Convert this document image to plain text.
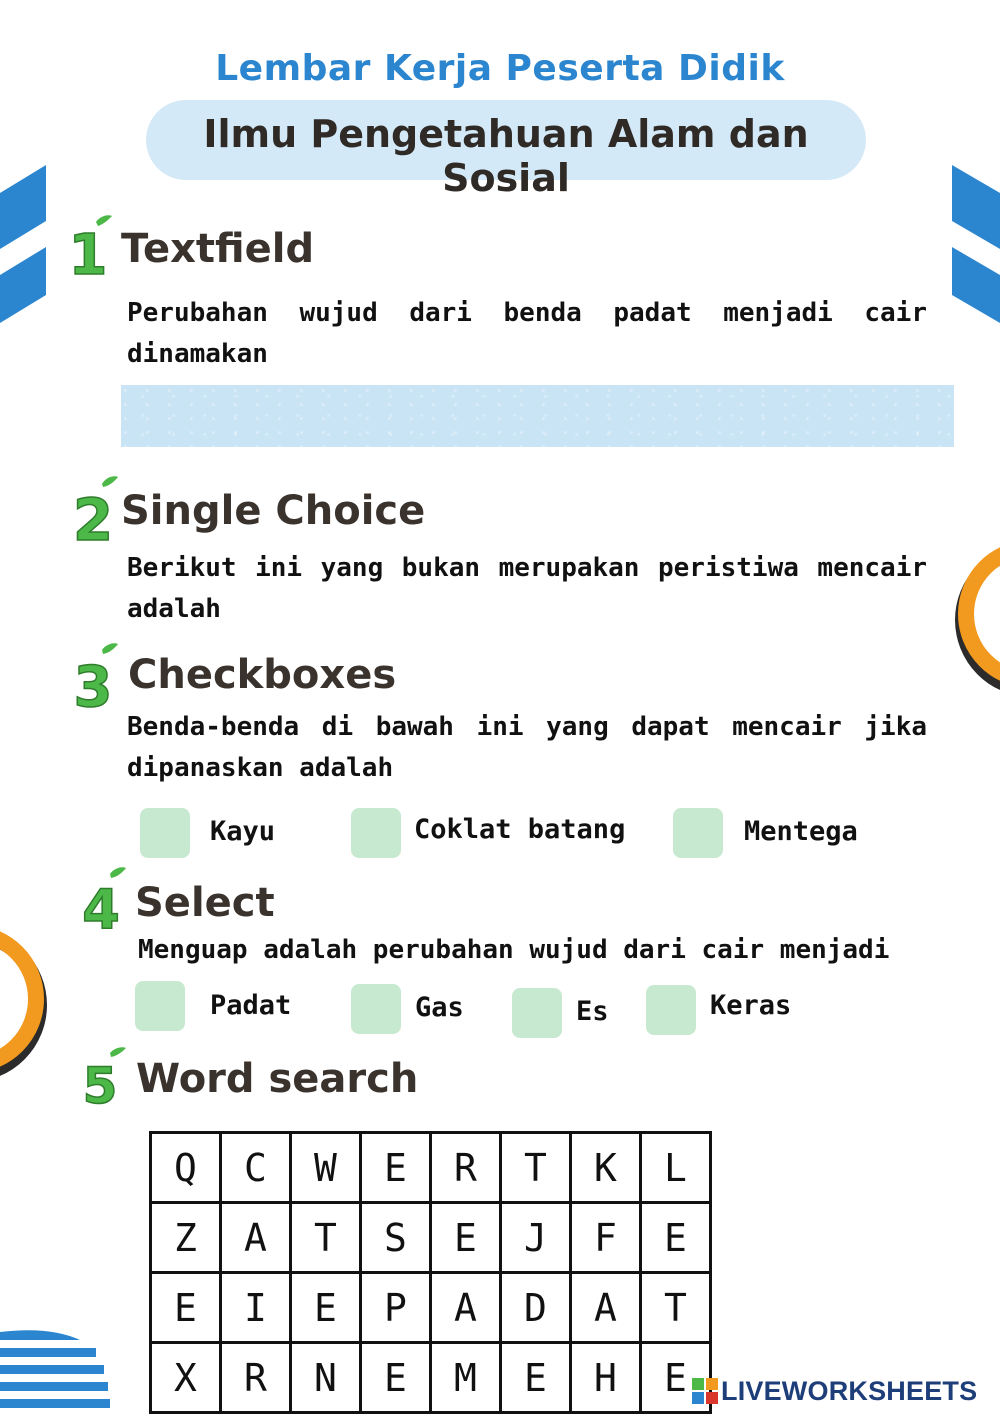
Lembar Kerja Peserta Didik
Ilmu Pengetahuan Alam dan Sosial
1 Textfield
Perubahan wujud dari benda padat menjadi cair dinamakan
2 Single Choice
Berikut ini yang bukan merupakan peristiwa mencair adalah
3 Checkboxes
Benda-benda di bawah ini yang dapat mencair jika dipanaskan adalah
Kayu	Coklat batang	Mentega
4 Select
Menguap adalah perubahan wujud dari cair menjadi
Padat	Gas	Es	Keras
5 Word search
Q	C	W	E	R	T	K	L
Z	A	T	S	E	J	F	E
E	I	E	P	A	D	A	T
X	R	N	E	M	E	H	E LIVEWORKSHEETS
